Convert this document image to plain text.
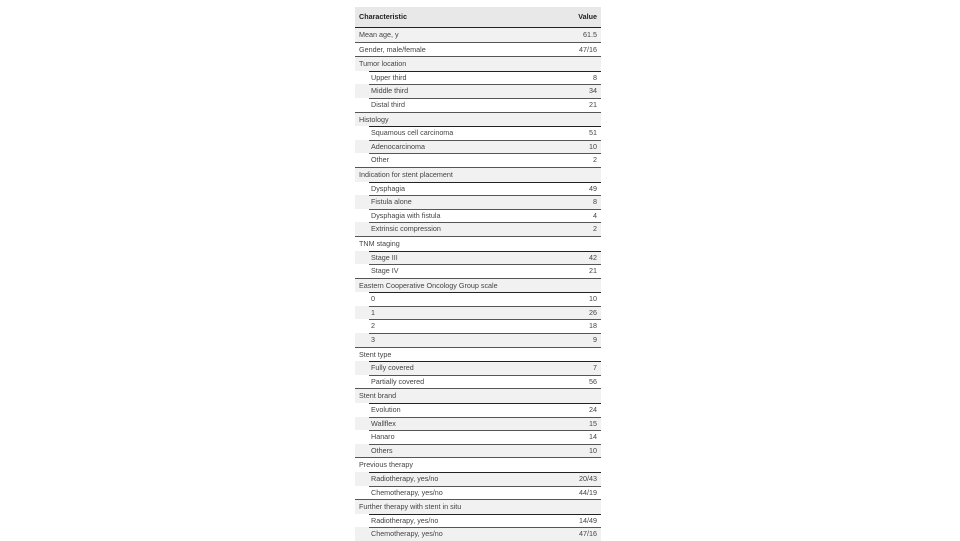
Characteristic	Value
Mean age, y	61.5
Gender, male/female	47/16
Tumor location
Upper third	8
Middle third	34
Distal third	21
Histology
Squamous cell carcinoma	51
Adenocarcinoma	10
Other	2
Indication for stent placement
Dysphagia	49
Fistula alone	8
Dysphagia with fistula	4
Extrinsic compression	2
TNM staging
Stage III	42
Stage IV	21
Eastern Cooperative Oncology Group scale
0	10
1	26
2	18
3	9
Stent type
Fully covered	7
Partially covered	56
Stent brand
Evolution	24
Wallflex	15
Hanaro	14
Others	10
Previous therapy
Radiotherapy, yes/no	20/43
Chemotherapy, yes/no	44/19
Further therapy with stent in situ
Radiotherapy, yes/no	14/49
Chemotherapy, yes/no	47/16
